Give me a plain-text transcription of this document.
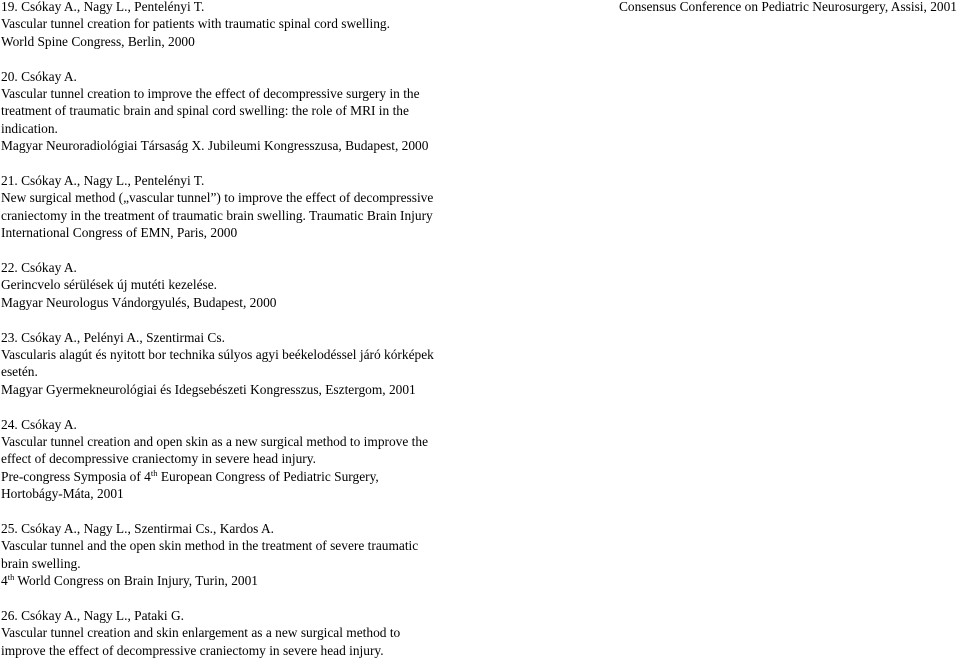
Consensus Conference on Pediatric Neurosurgery, Assisi, 2001
19. Csókay A., Nagy L., Pentelényi T.
Vascular tunnel creation for patients with traumatic spinal cord swelling.
World Spine Congress, Berlin, 2000
20. Csókay A.
Vascular tunnel creation to improve the effect of decompressive surgery in the
treatment of traumatic brain and spinal cord swelling: the role of MRI in the
indication.
Magyar Neuroradiológiai Társaság X. Jubileumi Kongresszusa, Budapest, 2000
21. Csókay A., Nagy L., Pentelényi T.
New surgical method („vascular tunnel”) to improve the effect of decompressive
craniectomy in the treatment of traumatic brain swelling. Traumatic Brain Injury
International Congress of EMN, Paris, 2000
22. Csókay A.
Gerincvelo sérülések új mutéti kezelése.
Magyar Neurologus Vándorgyulés, Budapest, 2000
23. Csókay A., Pelényi A., Szentirmai Cs.
Vascularis alagút és nyitott bor technika súlyos agyi beékelodéssel járó kórképek
esetén.
Magyar Gyermekneurológiai és Idegsebészeti Kongresszus, Esztergom, 2001
24. Csókay A.
Vascular tunnel creation and open skin as a new surgical method to improve the
effect of decompressive craniectomy in severe head injury.
Pre-congress Symposia of 4th European Congress of Pediatric Surgery,
Hortobágy-Máta, 2001
25. Csókay A., Nagy L., Szentirmai Cs., Kardos A.
Vascular tunnel and the open skin method in the treatment of severe traumatic
brain swelling.
4th World Congress on Brain Injury, Turin, 2001
26. Csókay A., Nagy L., Pataki G.
Vascular tunnel creation and skin enlargement as a new surgical method to
improve the effect of decompressive craniectomy in severe head injury.
